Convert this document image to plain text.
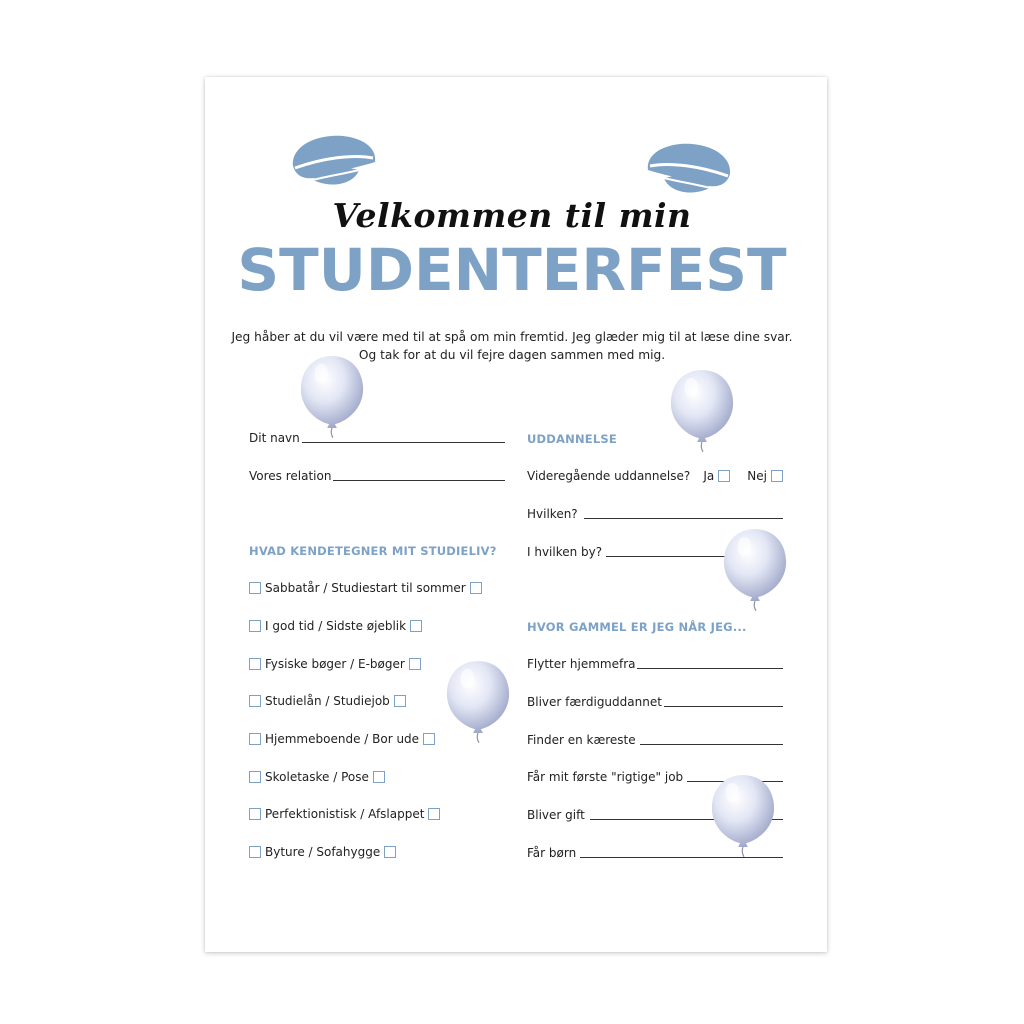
Velkommen til min
STUDENTERFEST
Jeg håber at du vil være med til at spå om min fremtid. Jeg glæder mig til at læse dine svar.
Og tak for at du vil fejre dagen sammen med mig.
Dit navn
Vores relation
HVAD KENDETEGNER MIT STUDIELIV?
Sabbatår / Studiestart til sommer
I god tid / Sidste øjeblik
Fysiske bøger / E-bøger
Studielån / Studiejob
Hjemmeboende / Bor ude
Skoletaske / Pose
Perfektionistisk / Afslappet
Byture / Sofahygge
UDDANNELSE
Videregående uddannelse? Ja	Nej
Hvilken?
I hvilken by?
HVOR GAMMEL ER JEG NÅR JEG...
Flytter hjemmefra
Bliver færdiguddannet
Finder en kæreste
Får mit første "rigtige" job
Bliver gift
Får børn
